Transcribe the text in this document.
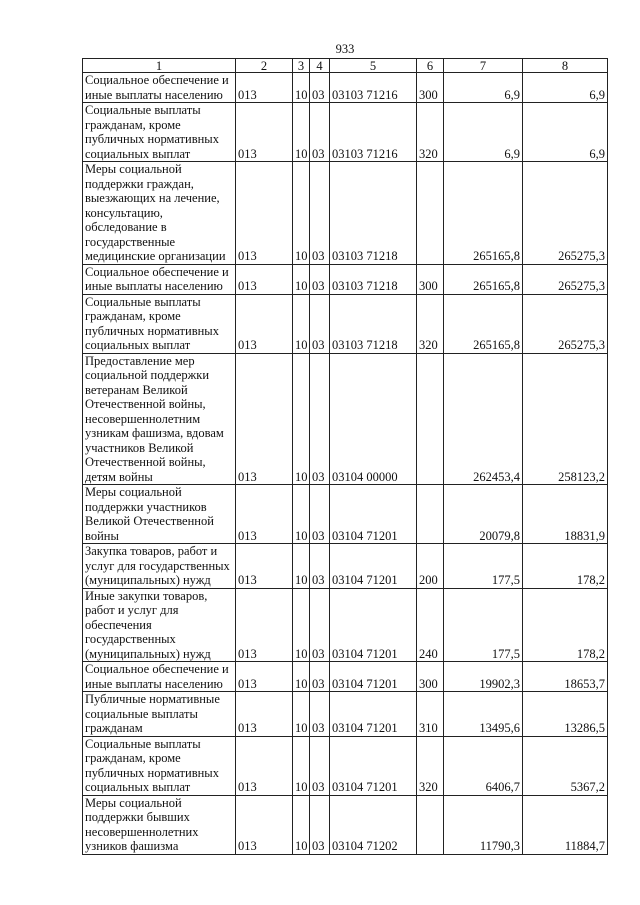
933
1	2	3	4	5	6	7	8
Социальное обеспечение и иные выплаты населению	013	10	03	03103 71216	300	6,9	6,9
Социальные выплаты гражданам, кроме публичных нормативных социальных выплат	013	10	03	03103 71216	320	6,9	6,9
Меры социальной поддержки граждан, выезжающих на лечение, консультацию, обследование в государственные медицинские организации	013	10	03	03103 71218		265165,8	265275,3
Социальное обеспечение и иные выплаты населению	013	10	03	03103 71218	300	265165,8	265275,3
Социальные выплаты гражданам, кроме публичных нормативных социальных выплат	013	10	03	03103 71218	320	265165,8	265275,3
Предоставление мер социальной поддержки ветеранам Великой Отечественной войны, несовершеннолетним узникам фашизма, вдовам участников Великой Отечественной войны, детям войны	013	10	03	03104 00000		262453,4	258123,2
Меры социальной поддержки участников Великой Отечественной войны	013	10	03	03104 71201		20079,8	18831,9
Закупка товаров, работ и услуг для государственных (муниципальных) нужд	013	10	03	03104 71201	200	177,5	178,2
Иные закупки товаров, работ и услуг для обеспечения государственных (муниципальных) нужд	013	10	03	03104 71201	240	177,5	178,2
Социальное обеспечение и иные выплаты населению	013	10	03	03104 71201	300	19902,3	18653,7
Публичные нормативные социальные выплаты гражданам	013	10	03	03104 71201	310	13495,6	13286,5
Социальные выплаты гражданам, кроме публичных нормативных социальных выплат	013	10	03	03104 71201	320	6406,7	5367,2
Меры социальной поддержки бывших несовершеннолетних узников фашизма	013	10	03	03104 71202		11790,3	11884,7
